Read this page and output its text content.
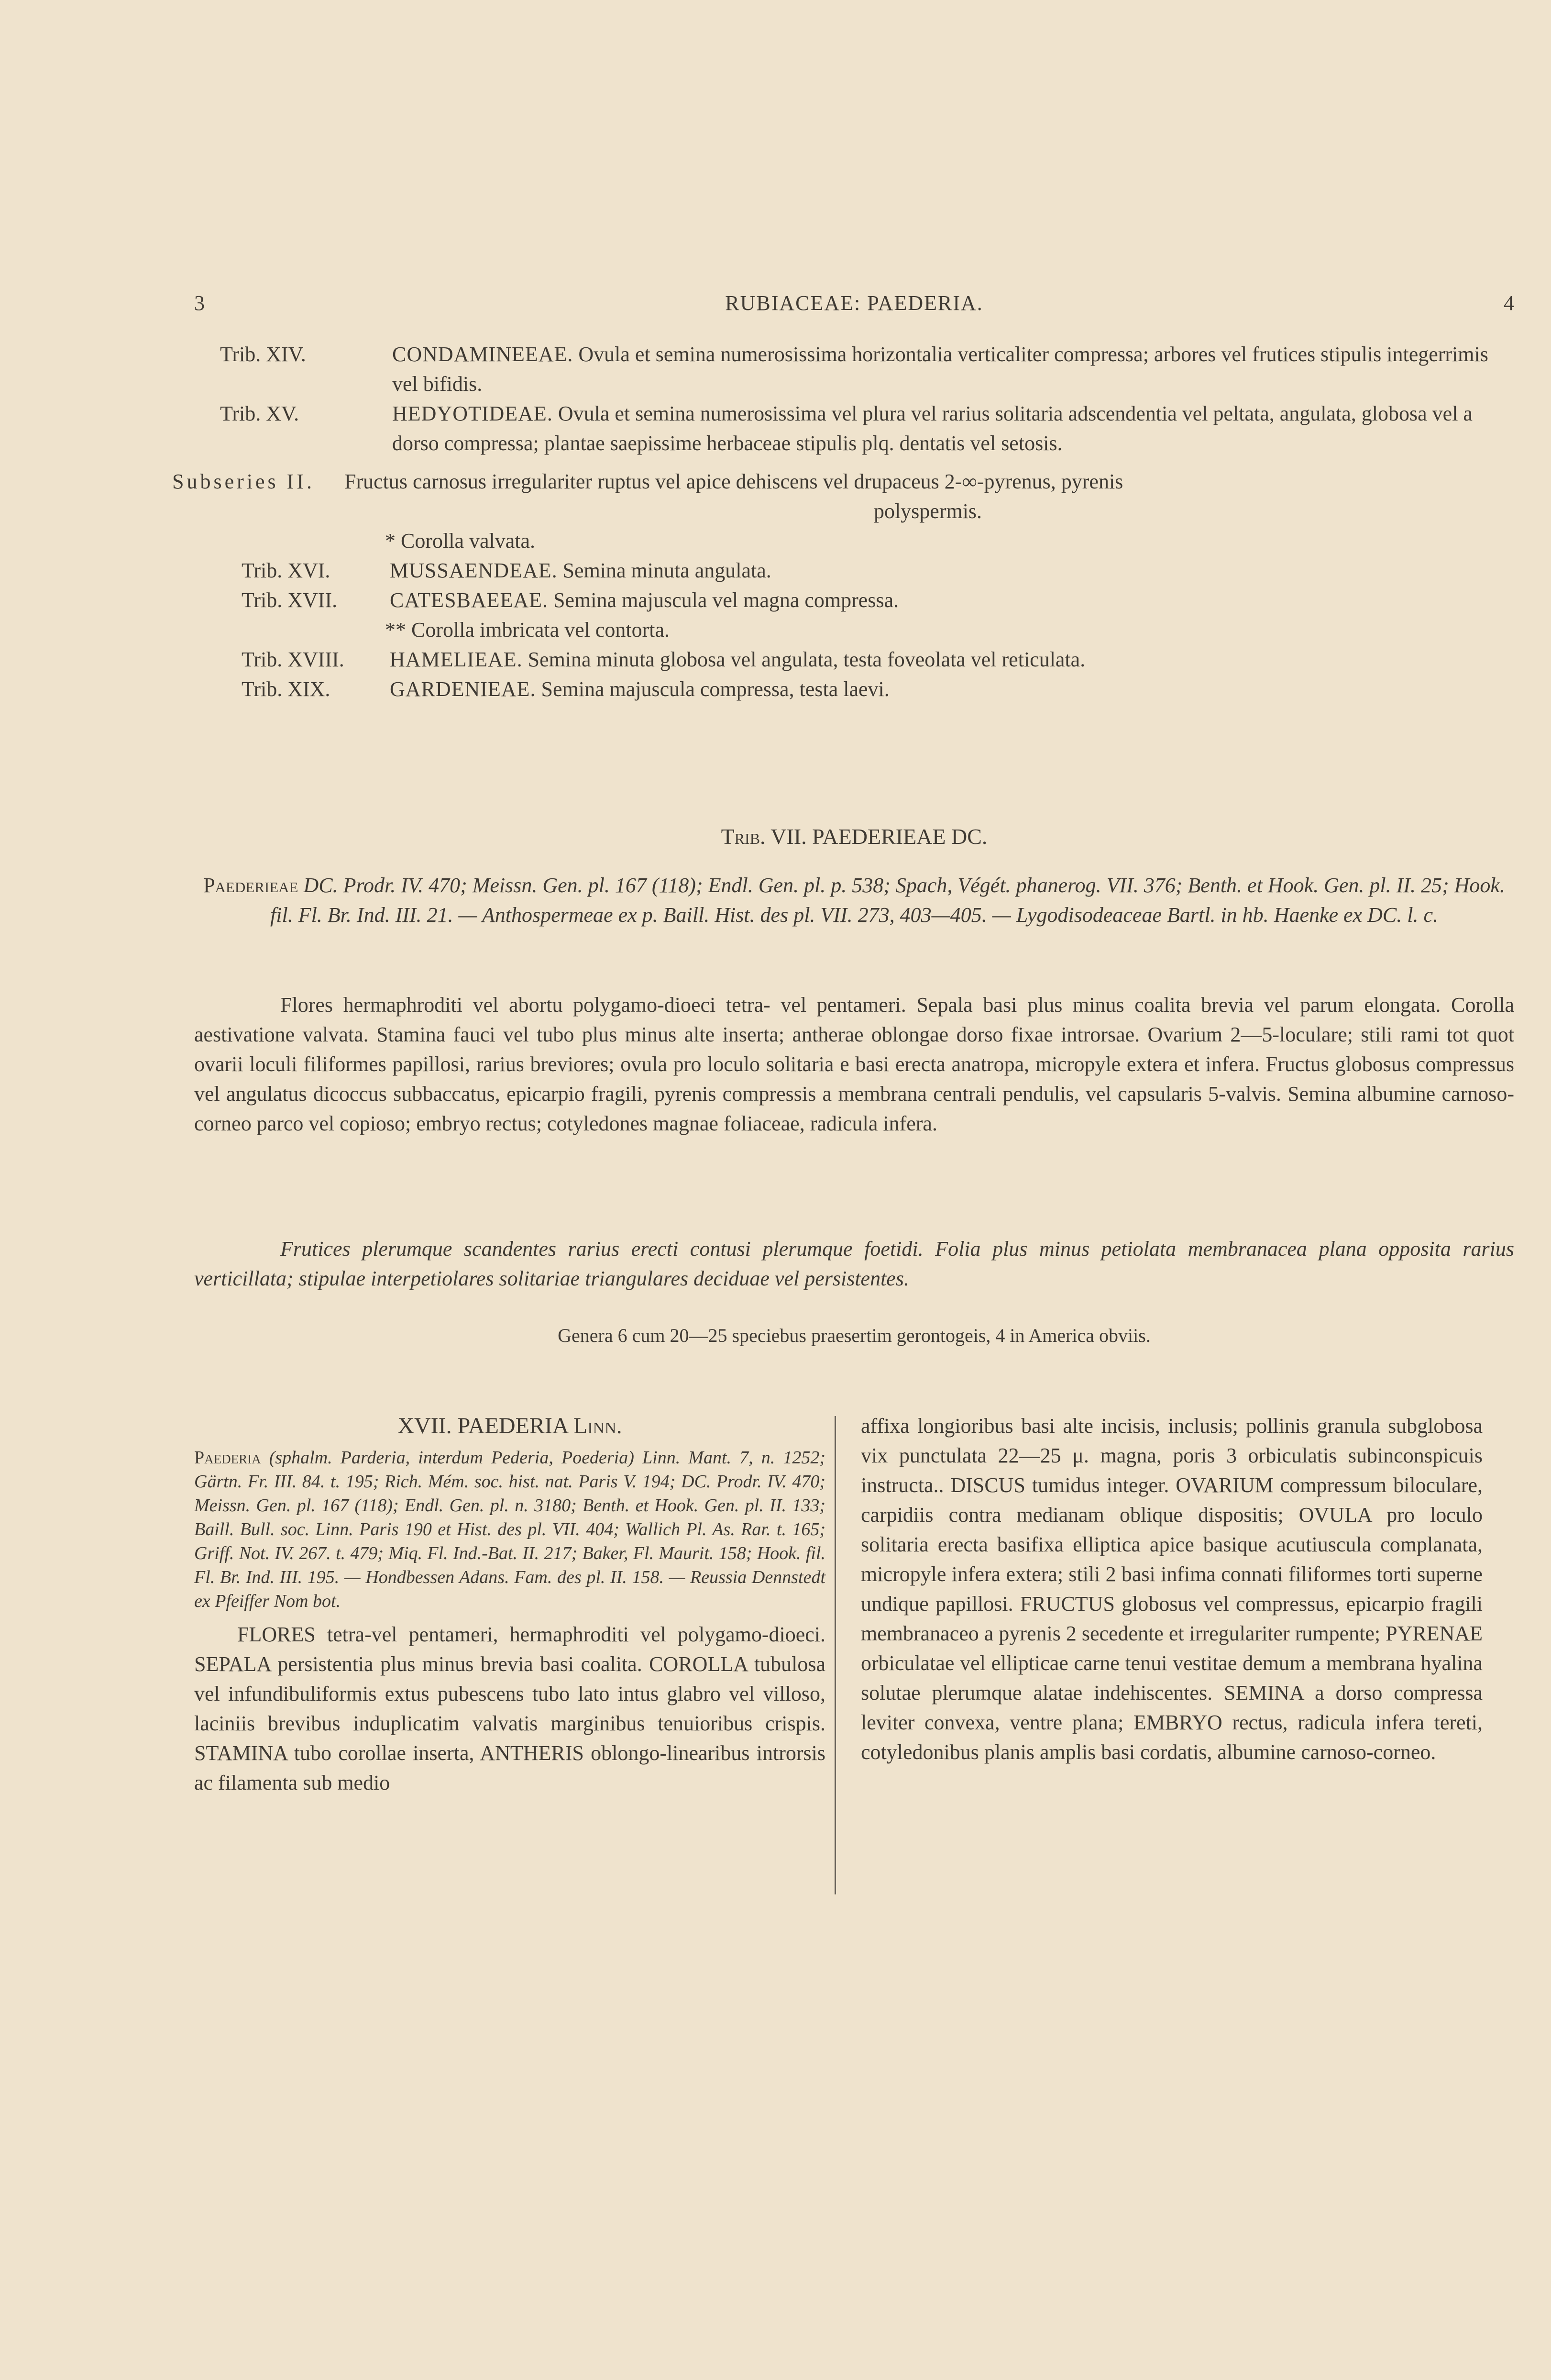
3	RUBIACEAE: PAEDERIA.	4
Trib. XIV.	CONDAMINEEAE. Ovula et semina numerosissima horizontalia verticaliter compressa; arbores vel frutices stipulis integerrimis vel bifidis.
Trib. XV.	HEDYOTIDEAE. Ovula et semina numerosissima vel plura vel rarius solitaria adscendentia vel peltata, angulata, globosa vel a dorso compressa; plantae saepissime herbaceae stipulis plq. dentatis vel setosis.
Subseries II. Fructus carnosus irregulariter ruptus vel apice dehiscens vel drupaceus 2-∞-pyrenus, pyrenis
polyspermis.
* Corolla valvata.
Trib. XVI.	MUSSAENDEAE. Semina minuta angulata.
Trib. XVII. CATESBAEEAE. Semina majuscula vel magna compressa.
** Corolla imbricata vel contorta.
Trib. XVIII. HAMELIEAE. Semina minuta globosa vel angulata, testa foveolata vel reticulata.
Trib. XIX.	GARDENIEAE. Semina majuscula compressa, testa laevi.
Trib. VII. PAEDERIEAE DC.
Paederieae DC. Prodr. IV. 470; Meissn. Gen. pl. 167 (118); Endl. Gen. pl. p. 538; Spach, Végét. phanerog. VII. 376; Benth. et Hook. Gen. pl. II. 25; Hook. fil. Fl. Br. Ind. III. 21. — Anthospermeae ex p. Baill. Hist. des pl. VII. 273, 403—405. — Lygodisodeaceae Bartl. in hb. Haenke ex DC. l. c.
Flores hermaphroditi vel abortu polygamo-dioeci tetra- vel pentameri. Sepala basi plus minus coalita brevia vel parum elongata. Corolla aestivatione valvata. Stamina fauci vel tubo plus minus alte inserta; antherae oblongae dorso fixae introrsae. Ovarium 2—5-loculare; stili rami tot quot ovarii loculi filiformes papillosi, rarius breviores; ovula pro loculo solitaria e basi erecta anatropa, micropyle extera et infera. Fructus globosus compressus vel angulatus dicoccus subbaccatus, epicarpio fragili, pyrenis compressis a membrana centrali pendulis, vel capsularis 5-valvis. Semina albumine carnoso-corneo parco vel copioso; embryo rectus; cotyledones magnae foliaceae, radicula infera.
Frutices plerumque scandentes rarius erecti contusi plerumque foetidi. Folia plus minus petiolata membranacea plana opposita rarius verticillata; stipulae interpetiolares solitariae triangulares deciduae vel persistentes.
Genera 6 cum 20—25 speciebus praesertim gerontogeis, 4 in America obviis.
XVII. PAEDERIA Linn.
Paederia (sphalm. Parderia, interdum Pederia, Poederia) Linn. Mant. 7, n. 1252; Gärtn. Fr. III. 84. t. 195; Rich. Mém. soc. hist. nat. Paris V. 194; DC. Prodr. IV. 470; Meissn. Gen. pl. 167 (118); Endl. Gen. pl. n. 3180; Benth. et Hook. Gen. pl. II. 133; Baill. Bull. soc. Linn. Paris 190 et Hist. des pl. VII. 404; Wallich Pl. As. Rar. t. 165; Griff. Not. IV. 267. t. 479; Miq. Fl. Ind.-Bat. II. 217; Baker, Fl. Maurit. 158; Hook. fil. Fl. Br. Ind. III. 195. — Hondbessen Adans. Fam. des pl. II. 158. — Reussia Dennstedt ex Pfeiffer Nom bot.
FLORES tetra-vel pentameri, hermaphroditi vel polygamo-dioeci. SEPALA persistentia plus minus brevia basi coalita. COROLLA tubulosa vel infundibuliformis extus pubescens tubo lato intus glabro vel villoso, laciniis brevibus induplicatim valvatis marginibus tenuioribus crispis. STAMINA tubo corollae inserta, ANTHERIS oblongo-linearibus introrsis ac filamenta sub medio
affixa longioribus basi alte incisis, inclusis; pollinis granula subglobosa vix punctulata 22—25 μ. magna, poris 3 orbiculatis subinconspicuis instructa.. DISCUS tumidus integer. OVARIUM compressum biloculare, carpidiis contra medianam oblique dispositis; OVULA pro loculo solitaria erecta basifixa elliptica apice basique acutiuscula complanata, micropyle infera extera; stili 2 basi infima connati filiformes torti superne undique papillosi. FRUCTUS globosus vel compressus, epicarpio fragili membranaceo a pyrenis 2 secedente et irregulariter rumpente; PYRENAE orbiculatae vel ellipticae carne tenui vestitae demum a membrana hyalina solutae plerumque alatae indehiscentes. SEMINA a dorso compressa leviter convexa, ventre plana; EMBRYO rectus, radicula infera tereti, cotyledonibus planis amplis basi cordatis, albumine carnoso-corneo.
